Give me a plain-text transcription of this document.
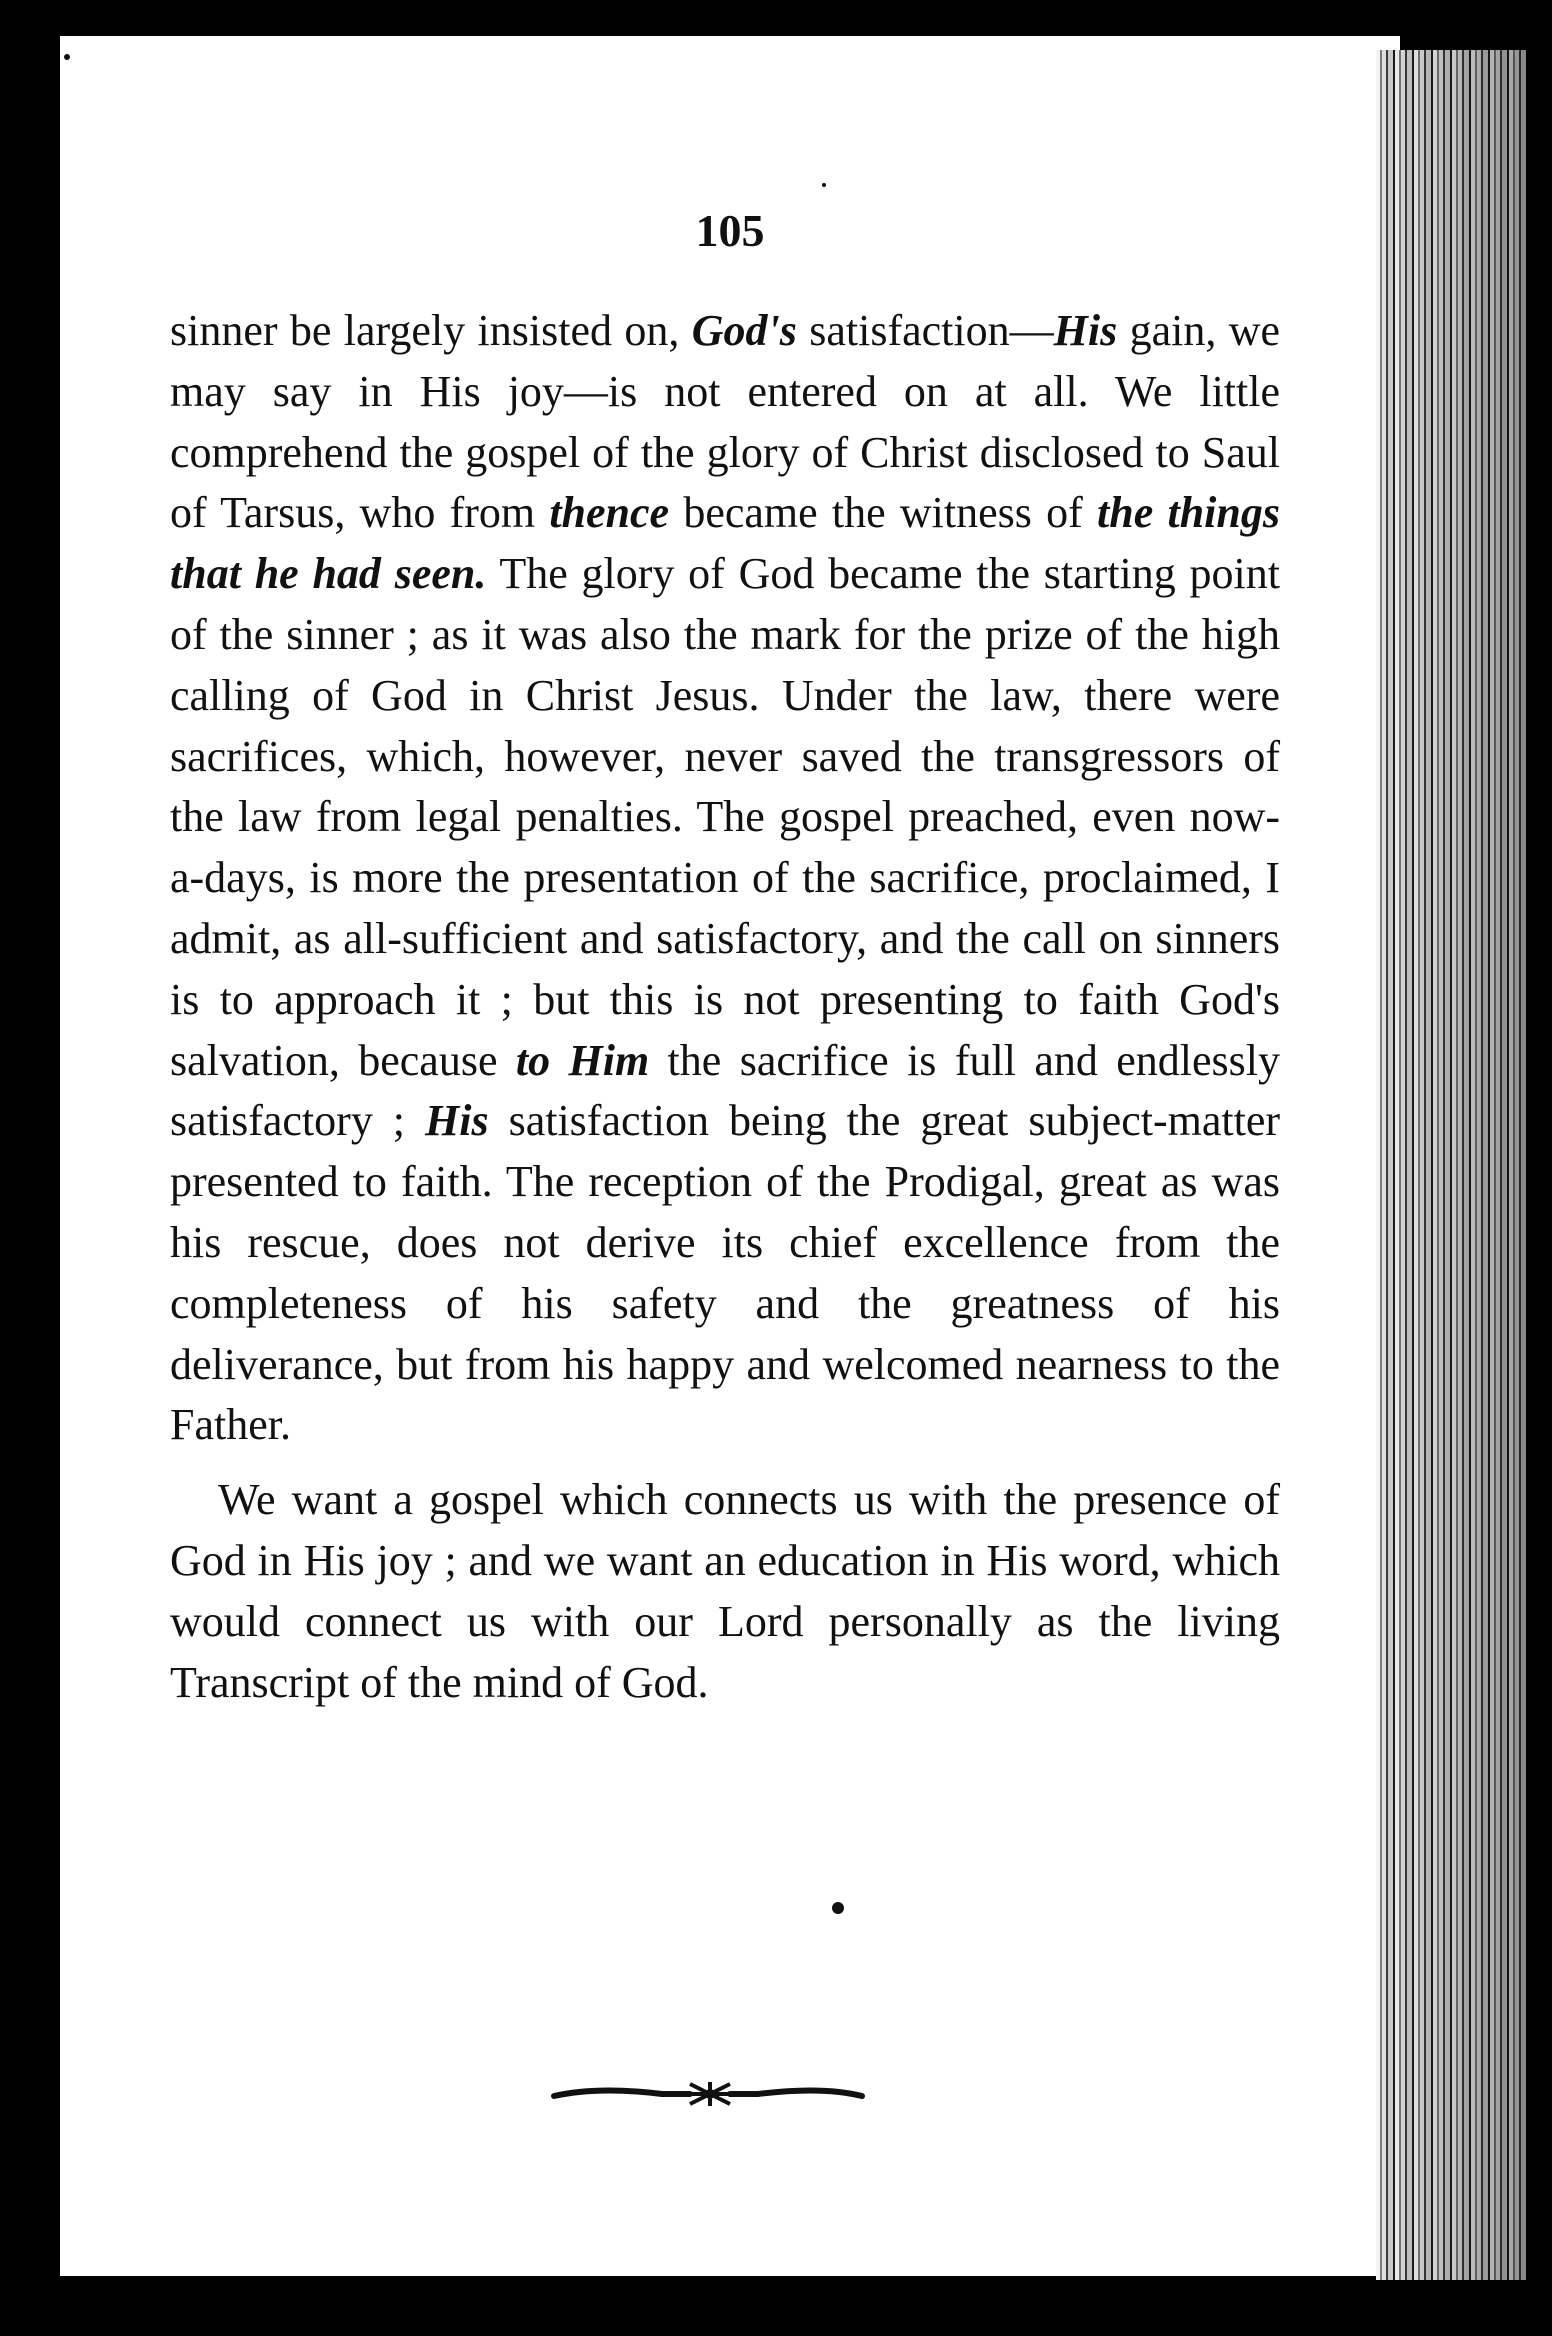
105

sinner be largely insisted on, God's satisfaction—His gain, we may say in His joy—is not entered on at all. We little comprehend the gospel of the glory of Christ disclosed to Saul of Tarsus, who from thence became the witness of the things that he had seen. The glory of God became the starting point of the sinner ; as it was also the mark for the prize of the high calling of God in Christ Jesus. Under the law, there were sacrifices, which, however, never saved the transgressors of the law from legal penalties. The gospel preached, even now-a-days, is more the presentation of the sacrifice, proclaimed, I admit, as all-sufficient and satisfactory, and the call on sinners is to approach it ; but this is not presenting to faith God's salvation, because to Him the sacrifice is full and endlessly satisfactory ; His satisfaction being the great subject-matter presented to faith. The reception of the Prodigal, great as was his rescue, does not derive its chief excellence from the completeness of his safety and the greatness of his deliverance, but from his happy and welcomed nearness to the Father.

We want a gospel which connects us with the presence of God in His joy ; and we want an education in His word, which would connect us with our Lord personally as the living Transcript of the mind of God.
